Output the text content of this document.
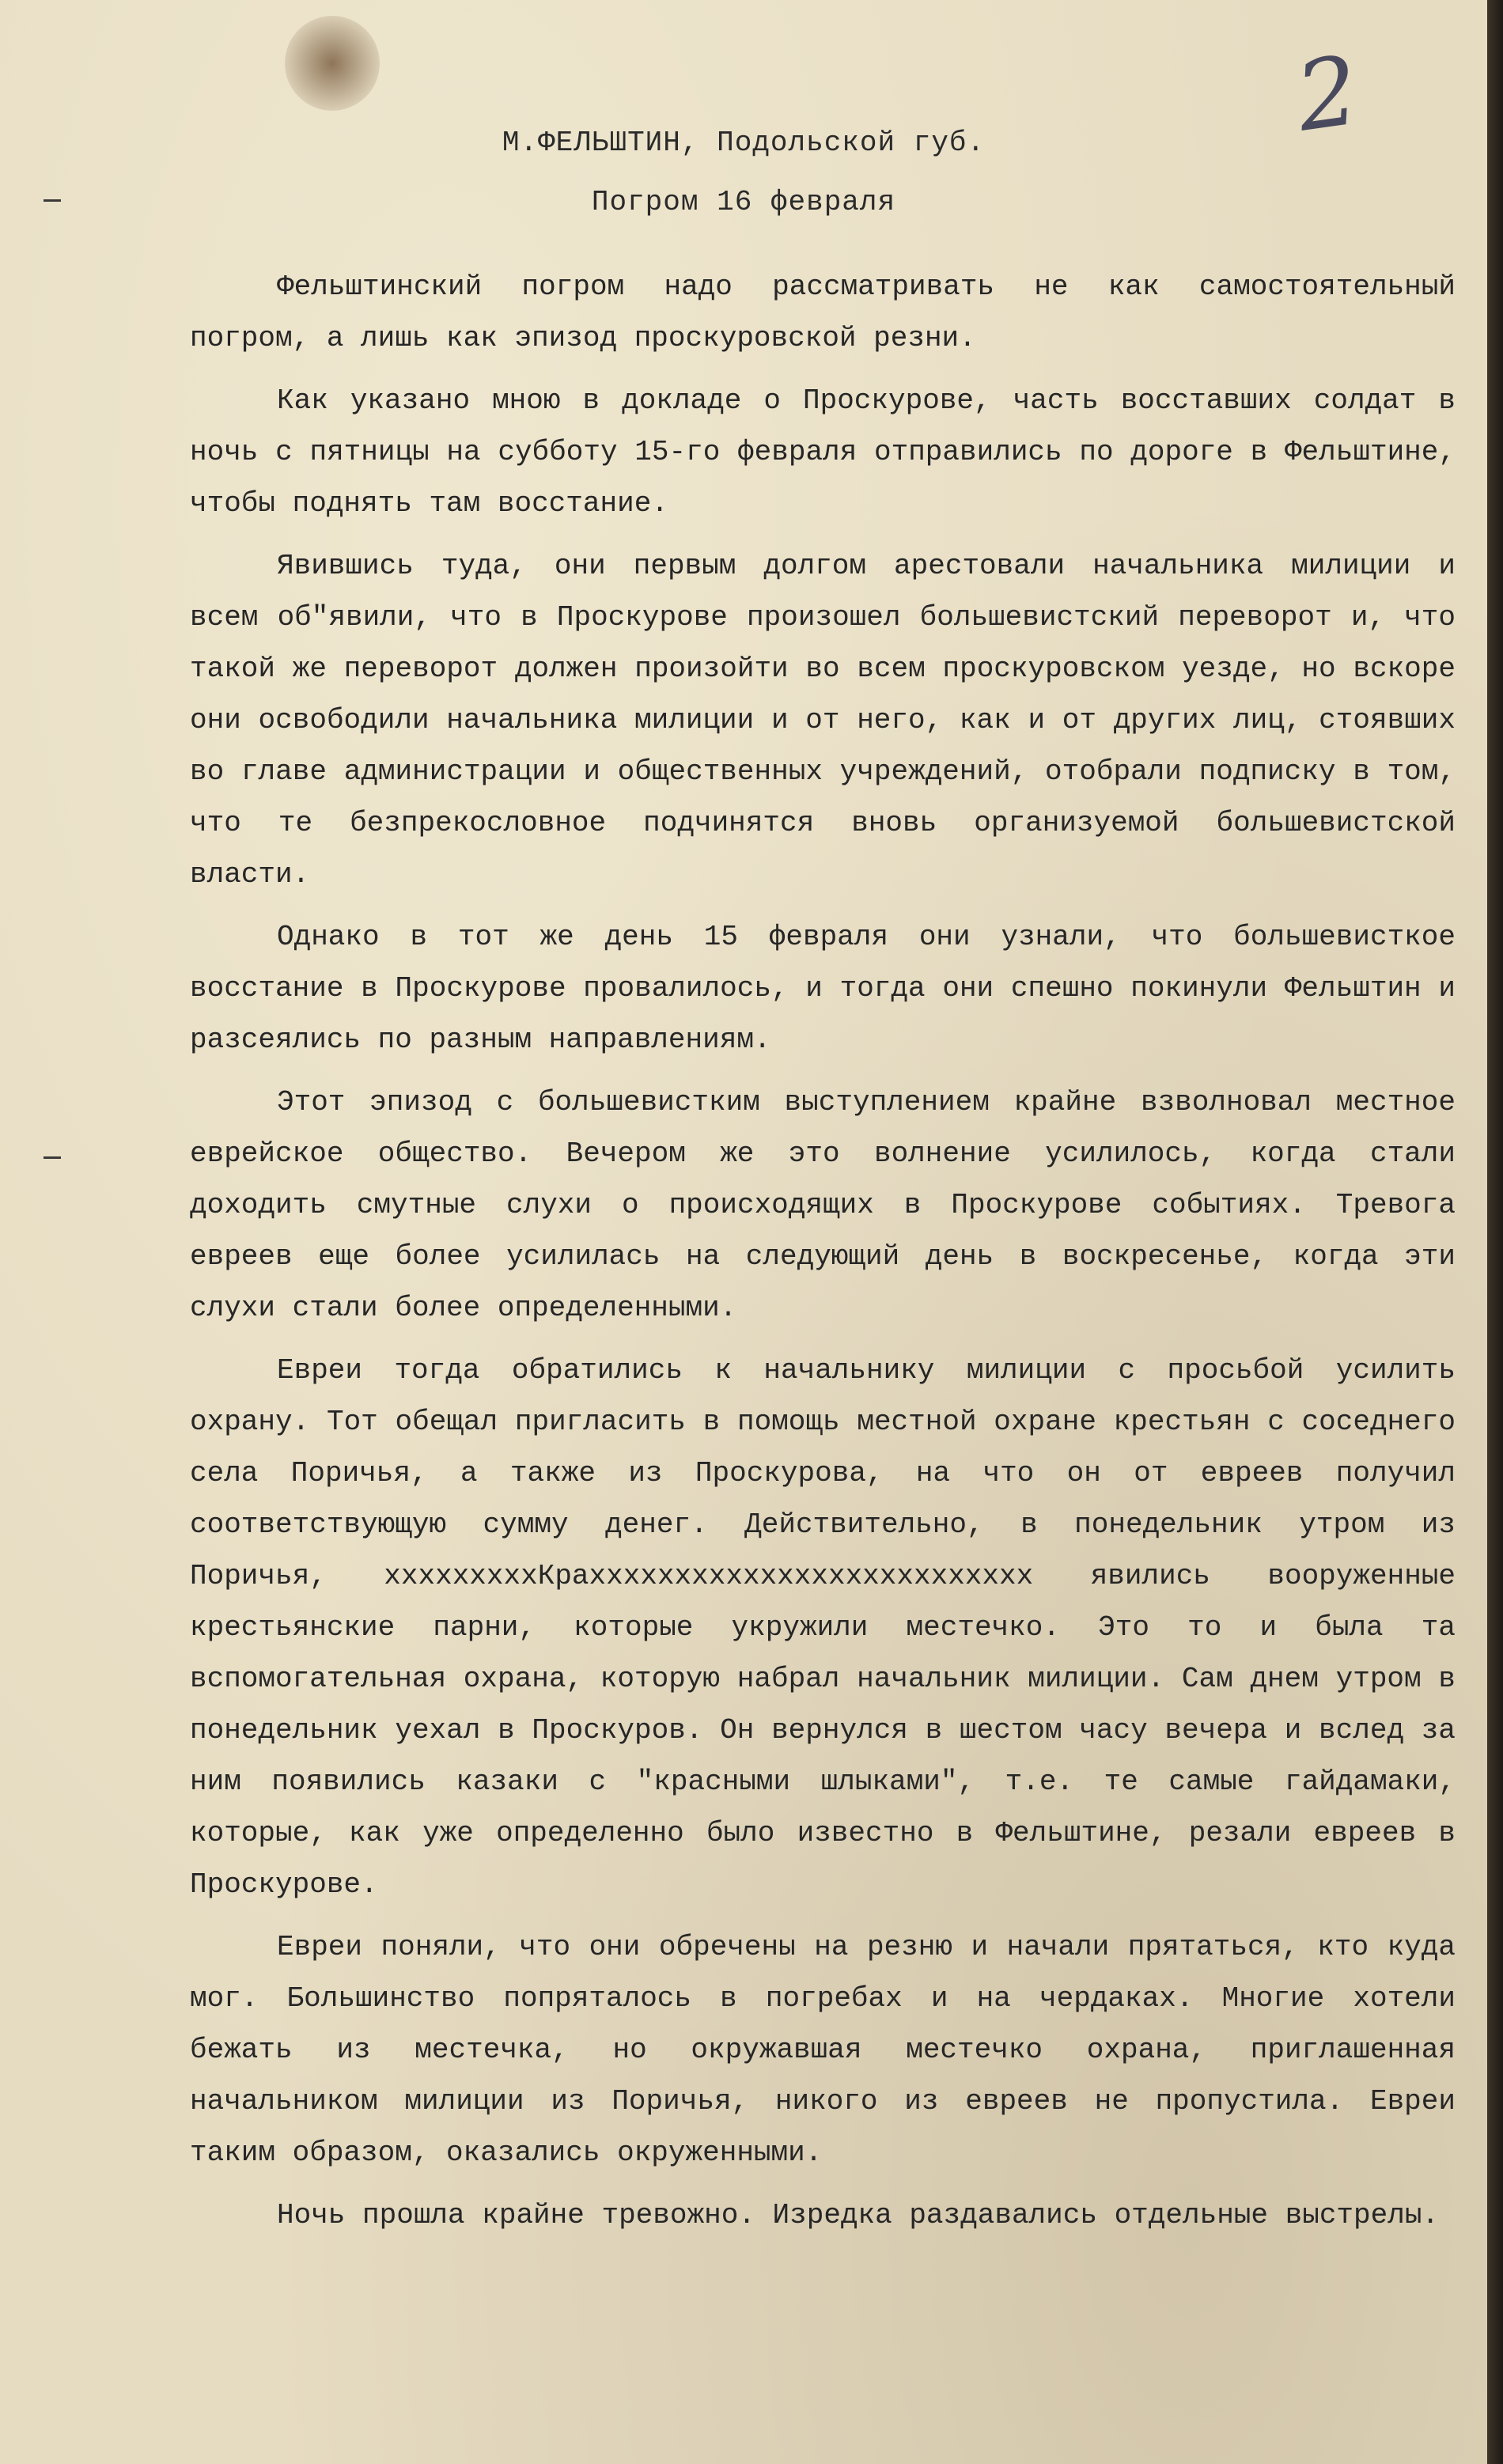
2
М.ФЕЛЬШТИН, Подольской губ.
Погром 16 февраля

Фельштинский погром надо рассматривать не как самостоятельный погром, а лишь как эпизод проскуровской резни.

Как указано мною в докладе о Проскурове, часть восставших солдат в ночь с пятницы на субботу 15-го февраля отправились по дороге в Фельштине, чтобы поднять там восстание.

Явившись туда, они первым долгом арестовали начальника милиции и всем об"явили, что в Проскурове произошел большевистский переворот и, что такой же переворот должен произойти во всем проскуровском уезде, но вскоре они освободили начальника милиции и от него, как и от других лиц, стоявших во главе администрации и общественных учреждений, отобрали подписку в том, что те безпрекословное подчинятся вновь организуемой большевистской власти.

Однако в тот же день 15 февраля они узнали, что большевисткое восстание в Проскурове провалилось, и тогда они спешно покинули Фельштин и разсеялись по разным направлениям.

Этот эпизод с большевистким выступлением крайне взволновал местное еврейское общество. Вечером же это волнение усилилось, когда стали доходить смутные слухи о происходящих в Проскурове событиях. Тревога евреев еще более усилилась на следующий день в воскресенье, когда эти слухи стали более определенными.

Евреи тогда обратились к начальнику милиции с просьбой усилить охрану. Тот обещал пригласить в помощь местной охране крестьян с соседнего села Поричья, а также из Проскурова, на что он от евреев получил соответствующую сумму денег. Действительно, в понедельник утром из Поричья, хххххххххКрахххххххххххххххххххххххххх явились вооруженные крестьянские парни, которые укружили местечко. Это то и была та вспомогательная охрана, которую набрал начальник милиции. Сам днем утром в понедельник уехал в Проскуров. Он вернулся в шестом часу вечера и вслед за ним появились казаки с "красными шлыками", т.е. те самые гайдамаки, которые, как уже определенно было известно в Фельштине, резали евреев в Проскурове.

Евреи поняли, что они обречены на резню и начали прятаться, кто куда мог. Большинство попряталось в погребах и на чердаках. Многие хотели бежать из местечка, но окружавшая местечко охрана, приглашенная начальником милиции из Поричья, никого из евреев не пропустила. Евреи таким образом, оказались окруженными.

Ночь прошла крайне тревожно. Изредка раздавались отдельные выстрелы.
